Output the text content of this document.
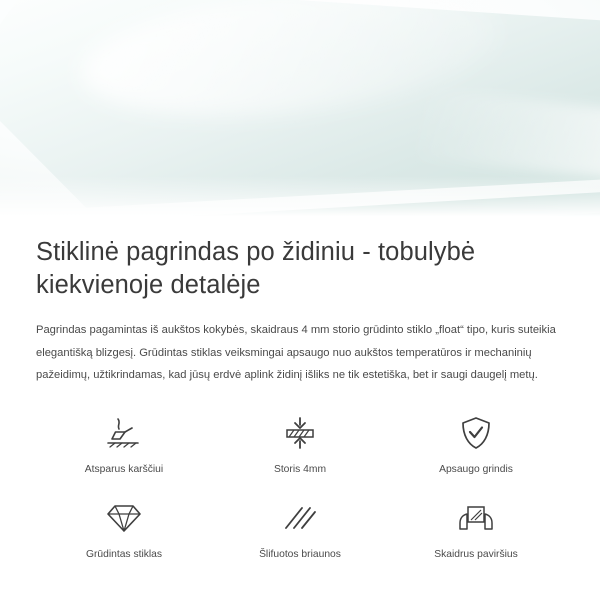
Stiklinė pagrindas po židiniu - tobulybė kiekvienoje detalėje

Pagrindas pagamintas iš aukštos kokybės, skaidraus 4 mm storio grūdinto stiklo „float“ tipo, kuris suteikia elegantišką blizgesį. Grūdintas stiklas veiksmingai apsaugo nuo aukštos temperatūros ir mechaninių pažeidimų, užtikrindamas, kad jūsų erdvė aplink židinį išliks ne tik estetiška, bet ir saugi daugelį metų.

Atsparus karščiui	Storis 4mm	Apsaugo grindis
Grūdintas stiklas	Šlifuotos briaunos	Skaidrus paviršius
